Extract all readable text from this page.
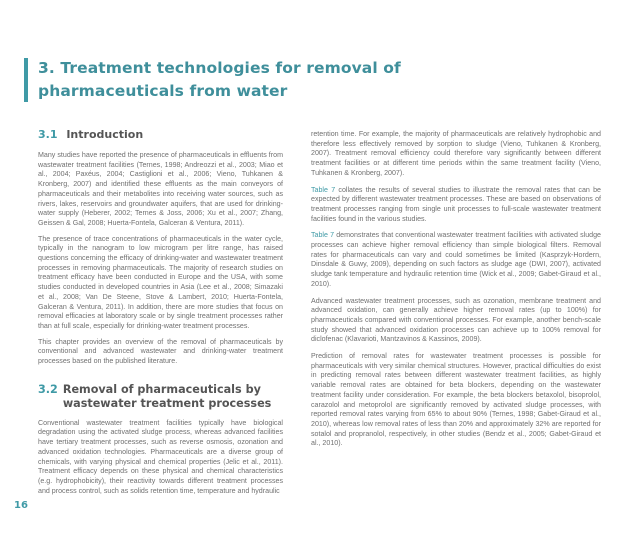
3. Treatment technologies for removal of pharmaceuticals from water
3.1 Introduction

Many studies have reported the presence of pharmaceuticals in effluents from wastewater treatment facilities (Ternes, 1998; Andreozzi et al., 2003; Miao et al., 2004; Paxéus, 2004; Castiglioni et al., 2006; Vieno, Tuhkanen & Kronberg, 2007) and identified these effluents as the main conveyors of pharmaceuticals and their metabolites into receiving water sources, such as rivers, lakes, reservoirs and groundwater aquifers, that are used for drinking-water supply (Heberer, 2002; Ternes & Joss, 2006; Xu et al., 2007; Zhang, Geissen & Gal, 2008; Huerta-Fontela, Galceran & Ventura, 2011).

The presence of trace concentrations of pharmaceuticals in the water cycle, typically in the nanogram to low microgram per litre range, has raised questions concerning the efficacy of drinking-water and wastewater treatment processes in removing pharmaceuticals. The majority of research studies on treatment efficacy have been conducted in Europe and the USA, with some studies conducted in developed countries in Asia (Lee et al., 2008; Simazaki et al., 2008; Van De Steene, Stove & Lambert, 2010; Huerta-Fontela, Galceran & Ventura, 2011). In addition, there are more studies that focus on removal efficacies at laboratory scale or by single treatment processes rather than at full scale, especially for drinking-water treatment processes.

This chapter provides an overview of the removal of pharmaceuticals by conventional and advanced wastewater and drinking-water treatment processes based on the published literature.

3.2 Removal of pharmaceuticals by wastewater treatment processes

Conventional wastewater treatment facilities typically have biological degradation using the activated sludge process, whereas advanced facilities have tertiary treatment processes, such as reverse osmosis, ozonation and advanced oxidation technologies. Pharmaceuticals are a diverse group of chemicals, with varying physical and chemical properties (Jelic et al., 2011). Treatment efficacy depends on these physical and chemical characteristics (e.g. hydrophobicity), their reactivity towards different treatment processes and process control, such as solids retention time, temperature and hydraulic

retention time. For example, the majority of pharmaceuticals are relatively hydrophobic and therefore less effectively removed by sorption to sludge (Vieno, Tuhkanen & Kronberg, 2007). Treatment removal efficiency could therefore vary significantly between different treatment facilities or at different time periods within the same treatment facility (Vieno, Tuhkanen & Kronberg, 2007).

Table 7 collates the results of several studies to illustrate the removal rates that can be expected by different wastewater treatment processes. These are based on observations of treatment processes ranging from single unit processes to full-scale wastewater treatment facilities found in the various studies.

Table 7 demonstrates that conventional wastewater treatment facilities with activated sludge processes can achieve higher removal efficiency than simple biological filters. Removal rates for pharmaceuticals can vary and could sometimes be limited (Kasprzyk-Hordern, Dinsdale & Guwy, 2009), depending on such factors as sludge age (DWI, 2007), activated sludge tank temperature and hydraulic retention time (Wick et al., 2009; Gabet-Giraud et al., 2010).

Advanced wastewater treatment processes, such as ozonation, membrane treatment and advanced oxidation, can generally achieve higher removal rates (up to 100%) for pharmaceuticals compared with conventional processes. For example, another bench-scale study showed that advanced oxidation processes can achieve up to 100% removal for diclofenac (Klavarioti, Mantzavinos & Kassinos, 2009).

Prediction of removal rates for wastewater treatment processes is possible for pharmaceuticals with very similar chemical structures. However, practical difficulties do exist in predicting removal rates between different wastewater treatment facilities, as highly variable removal rates are obtained for beta blockers, depending on the wastewater treatment facility under consideration. For example, the beta blockers betaxolol, bisoprolol, carazolol and metoprolol are significantly removed by activated sludge processes, with reported removal rates varying from 65% to about 90% (Ternes, 1998; Gabet-Giraud et al., 2010), whereas low removal rates of less than 20% and approximately 32% are reported for sotalol and propranolol, respectively, in other studies (Bendz et al., 2005; Gabet-Giraud et al., 2010).

16
